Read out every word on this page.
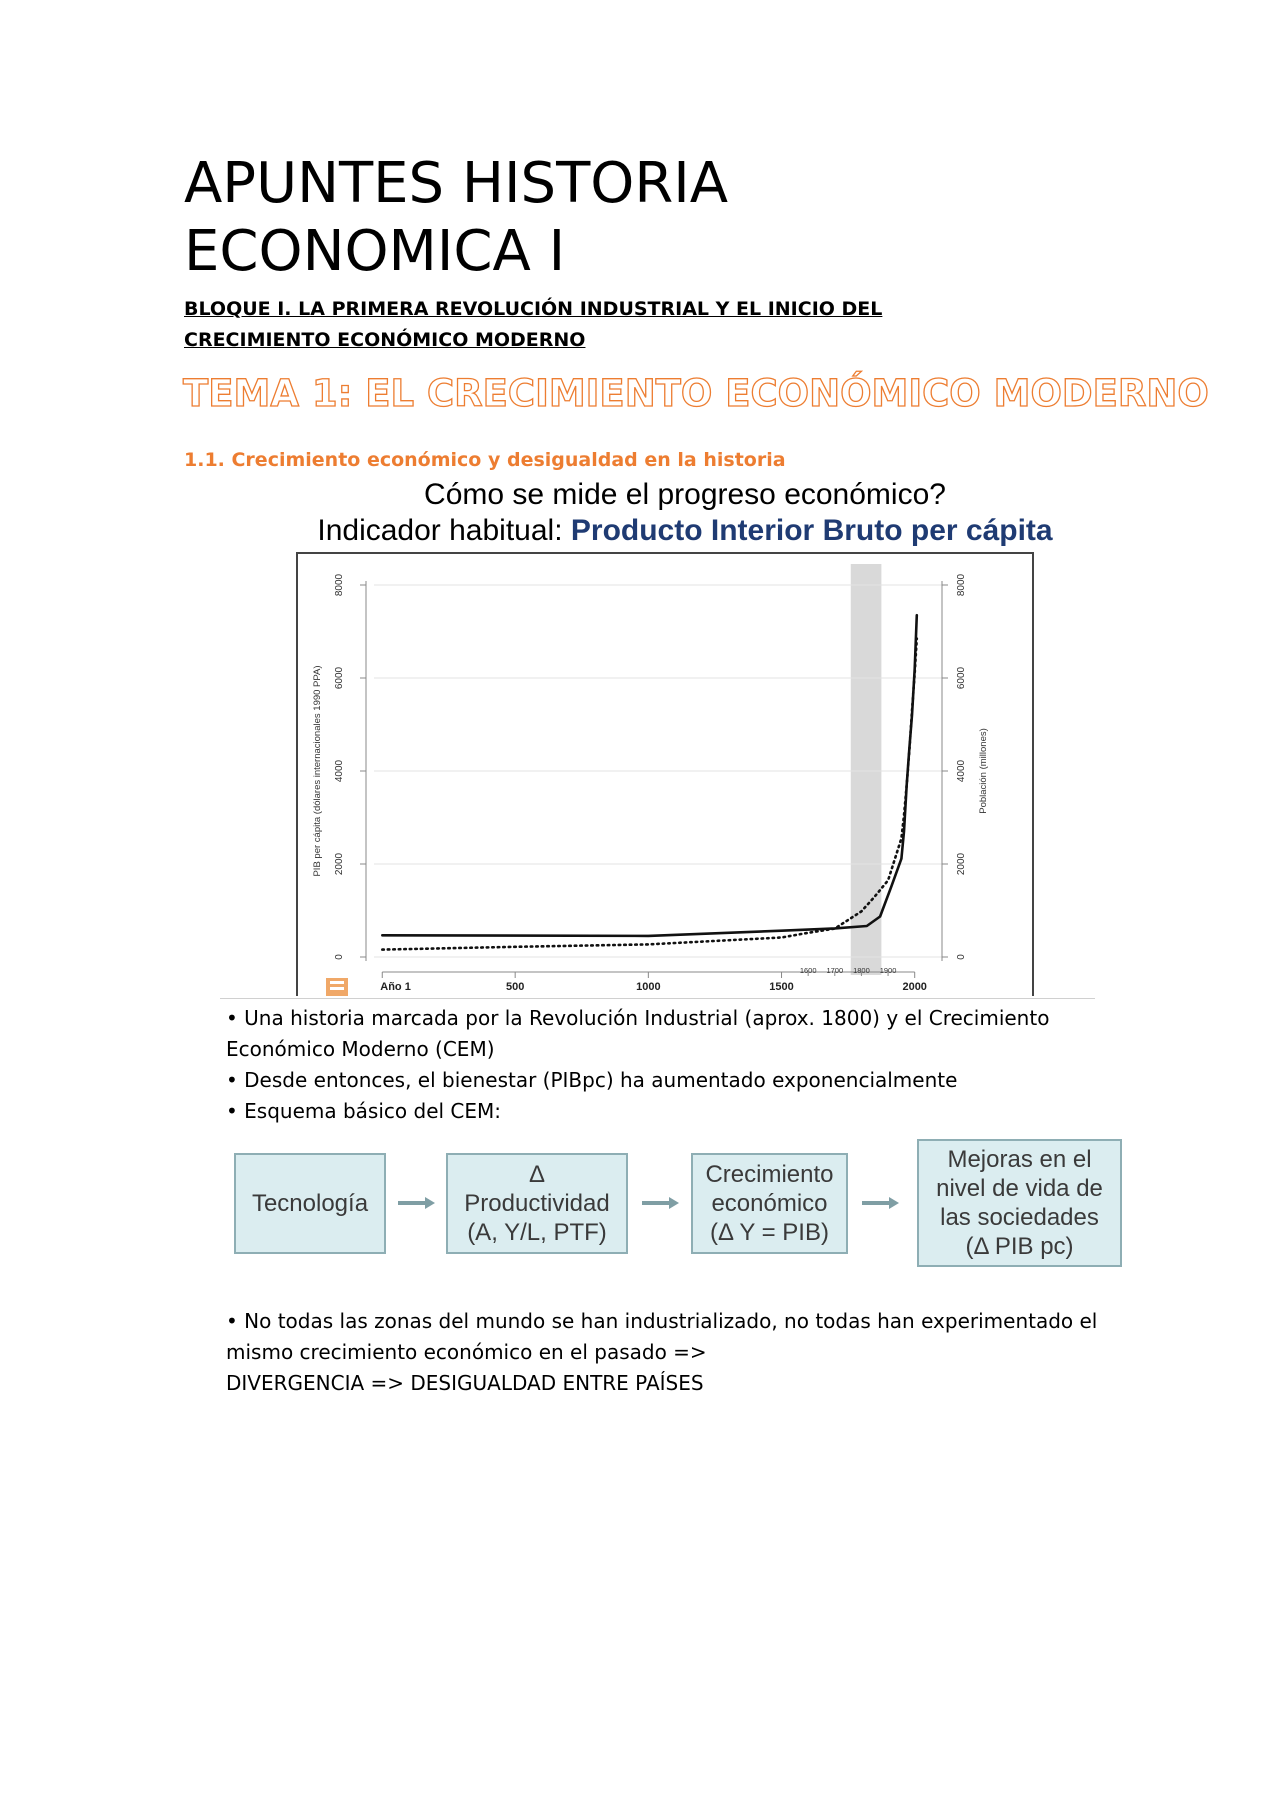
APUNTES HISTORIA
ECONOMICA I

BLOQUE I. LA PRIMERA REVOLUCIÓN INDUSTRIAL Y EL INICIO DEL CRECIMIENTO ECONÓMICO MODERNO

TEMA 1: EL CRECIMIENTO ECONÓMICO MODERNO
1.1. Crecimiento económico y desigualdad en la historia

Cómo se mide el progreso económico?

Indicador habitual: Producto Interior Bruto per cápita

0
2000
4000
6000
8000
0
2000
4000
6000
8000
PIB per cápita (dólares internacionales 1990 PPA)	Población (millones)
Año 1	500	1000	1500	2000
1600 1700 1800 1900

• Una historia marcada por la Revolución Industrial (aprox. 1800) y el Crecimiento Económico Moderno (CEM)

• Desde entonces, el bienestar (PIBpc) ha aumentado exponencialmente

• Esquema básico del CEM:

Tecnología
Δ
Productividad
(A, Y/L, PTF)
Crecimiento
económico
(Δ Y = PIB)
Mejoras en el
nivel de vida de
las sociedades
(Δ PIB pc)

• No todas las zonas del mundo se han industrializado, no todas han experimentado el mismo crecimiento económico en el pasado =>

DIVERGENCIA => DESIGUALDAD ENTRE PAÍSES
